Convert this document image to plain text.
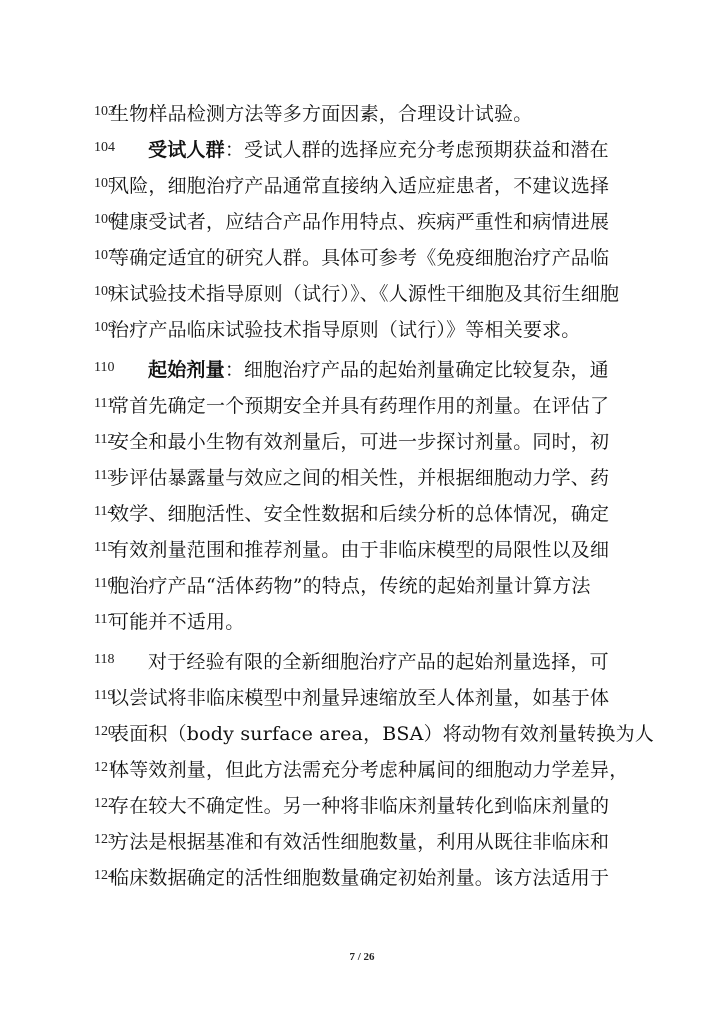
103
生物样品检测方法等多方面因素，合理设计试验。
104 受试人群：受试人群的选择应充分考虑预期获益和潜在
105
风险，细胞治疗产品通常直接纳入适应症患者，不建议选择
106
健康受试者，应结合产品作用特点、疾病严重性和病情进展
107
等确定适宜的研究人群。具体可参考《免疫细胞治疗产品临
108
床试验技术指导原则（试行）》、《人源性干细胞及其衍生细胞
109
治疗产品临床试验技术指导原则（试行）》等相关要求。
110 起始剂量：细胞治疗产品的起始剂量确定比较复杂，通
111
常首先确定一个预期安全并具有药理作用的剂量。在评估了
112
安全和最小生物有效剂量后，可进一步探讨剂量。同时，初
113
步评估暴露量与效应之间的相关性，并根据细胞动力学、药
114
效学、细胞活性、安全性数据和后续分析的总体情况，确定
115
有效剂量范围和推荐剂量。由于非临床模型的局限性以及细
116
胞治疗产品“活体药物”的特点，传统的起始剂量计算方法
117
可能并不适用。
118 对于经验有限的全新细胞治疗产品的起始剂量选择，可
119
以尝试将非临床模型中剂量异速缩放至人体剂量，如基于体
120
表面积（body surface area，BSA）将动物有效剂量转换为人
121
体等效剂量，但此方法需充分考虑种属间的细胞动力学差异，
122
存在较大不确定性。另一种将非临床剂量转化到临床剂量的
123
方法是根据基准和有效活性细胞数量，利用从既往非临床和
124
临床数据确定的活性细胞数量确定初始剂量。该方法适用于
7 / 26
